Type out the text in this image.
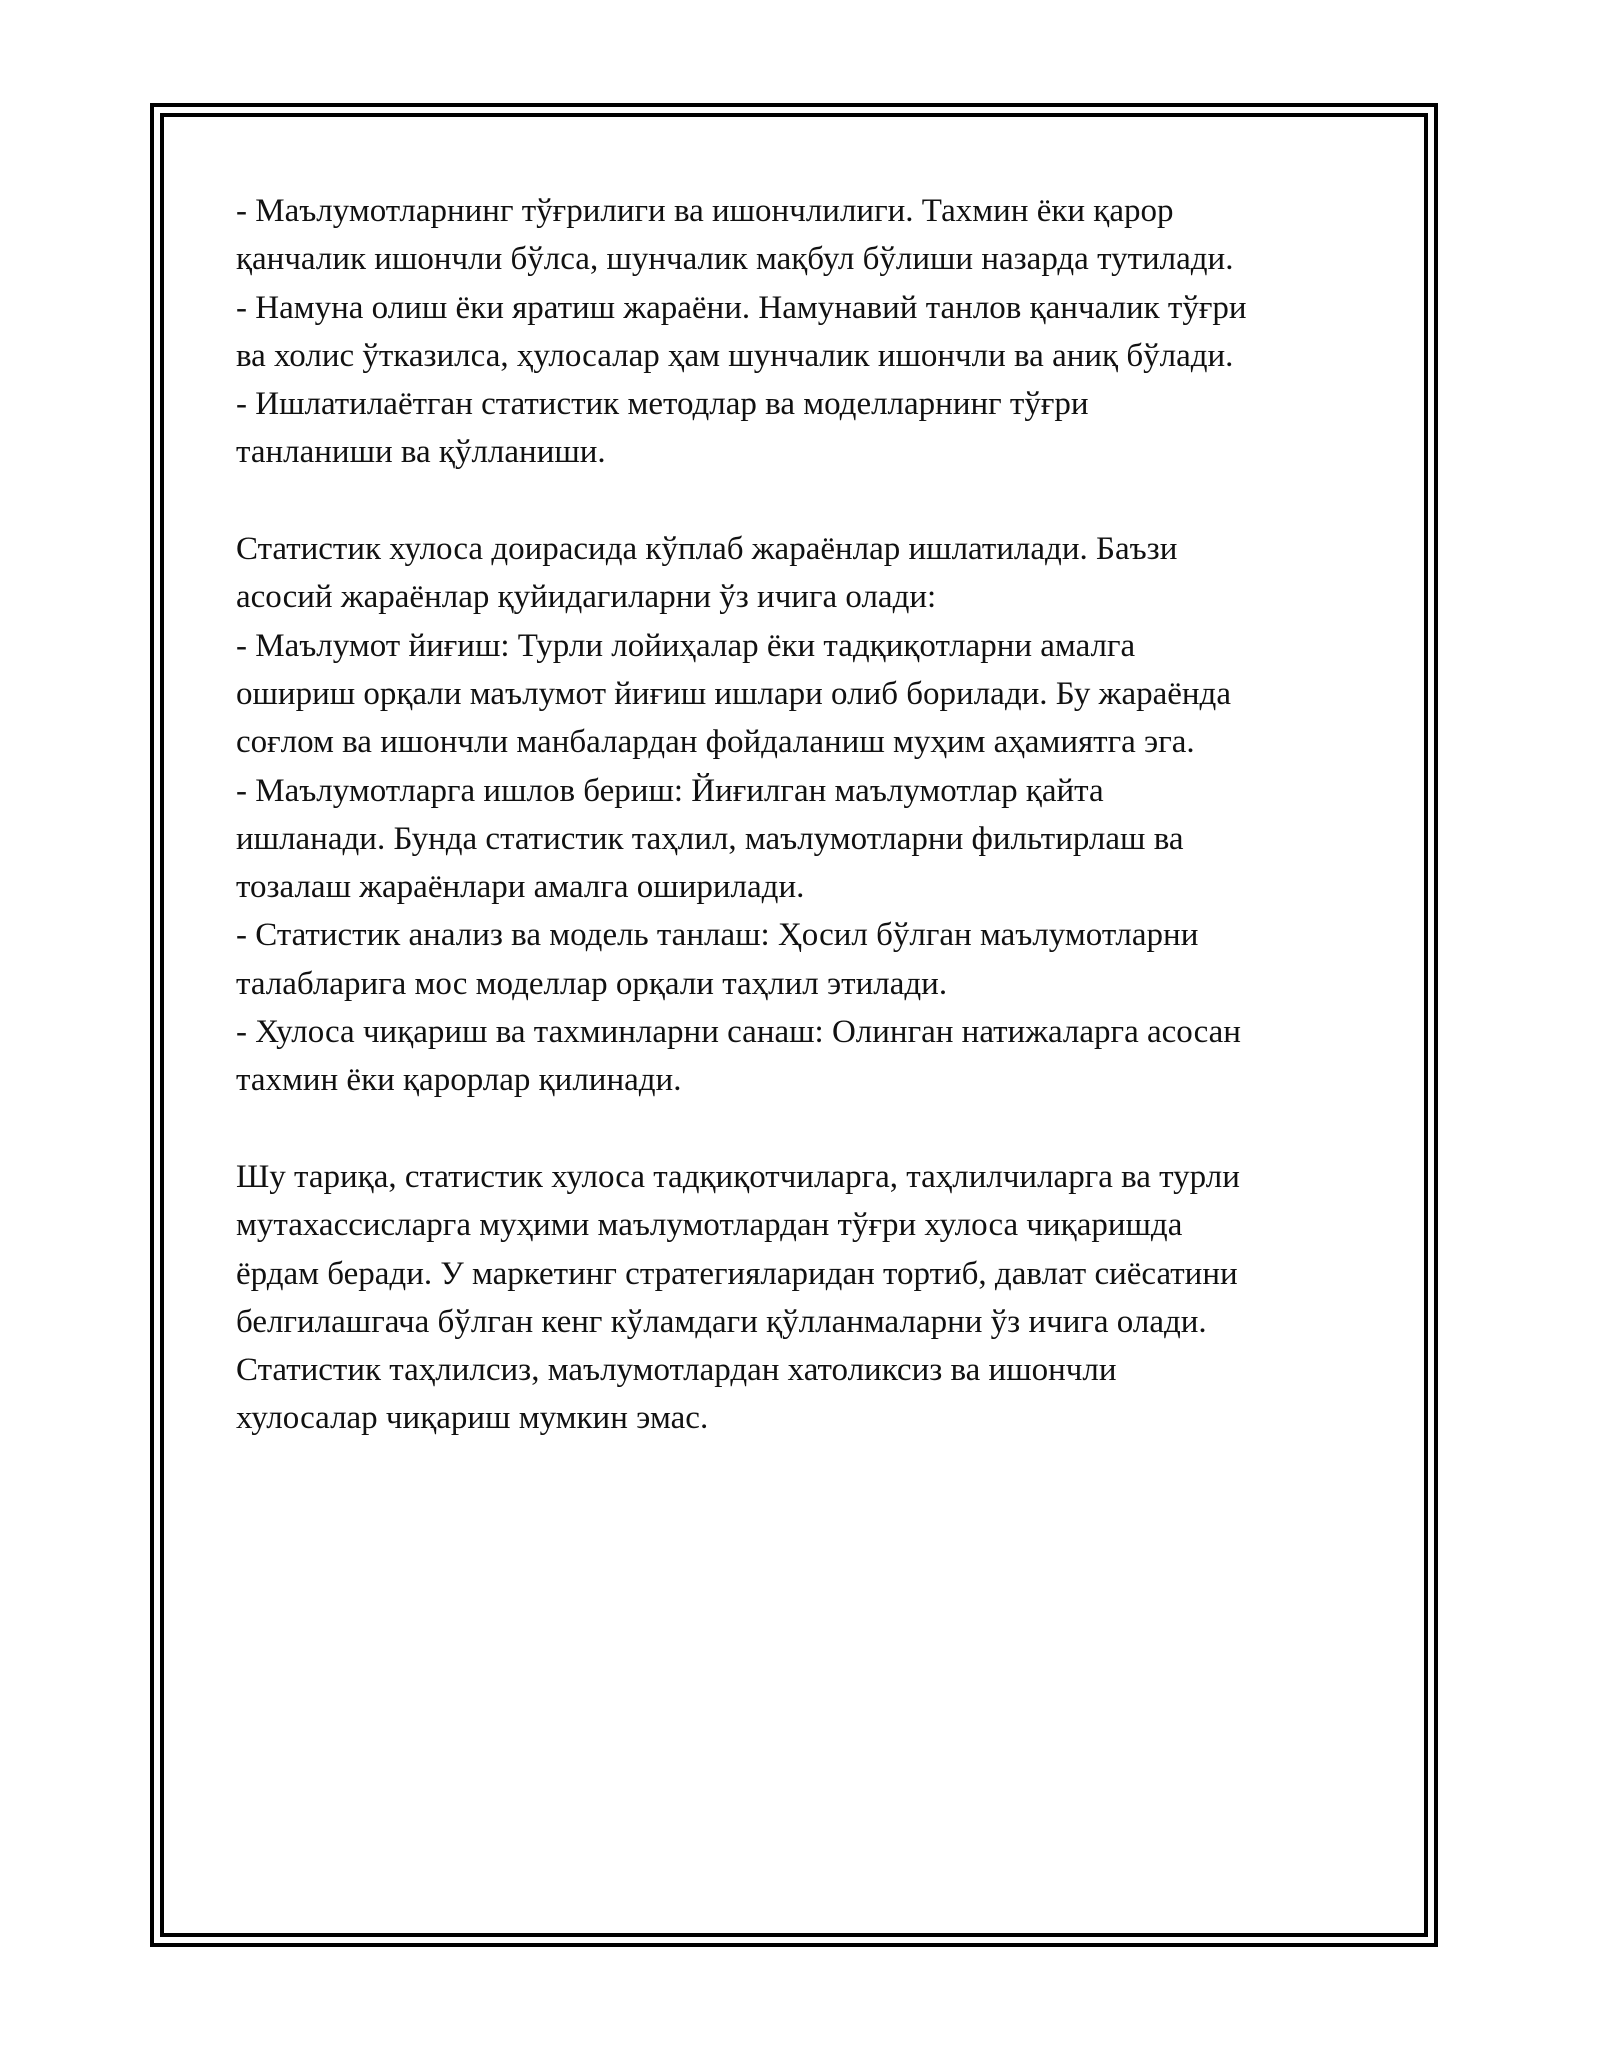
- Маълумотларнинг тўғрилиги ва ишончлилиги. Тахмин ёки қарор
қанчалик ишончли бўлса, шунчалик мақбул бўлиши назарда тутилади.
- Намуна олиш ёки яратиш жараёни. Намунавий танлов қанчалик тўғри
ва холис ўтказилса, ҳулосалар ҳам шунчалик ишончли ва аниқ бўлади.
- Ишлатилаётган статистик методлар ва моделларнинг тўғри
танланиши ва қўлланиши.
Статистик хулоса доирасида кўплаб жараёнлар ишлатилади. Баъзи
асосий жараёнлар қуйидагиларни ўз ичига олади:
- Маълумот йиғиш: Турли лойиҳалар ёки тадқиқотларни амалга
ошириш орқали маълумот йиғиш ишлари олиб борилади. Бу жараёнда
соғлом ва ишончли манбалардан фойдаланиш муҳим аҳамиятга эга.
- Маълумотларга ишлов бериш: Йиғилган маълумотлар қайта
ишланади. Бунда статистик таҳлил, маълумотларни фильтирлаш ва
тозалаш жараёнлари амалга оширилади.
- Статистик анализ ва модель танлаш: Ҳосил бўлган маълумотларни
талабларига мос моделлар орқали таҳлил этилади.
- Хулоса чиқариш ва тахминларни санаш: Олинган натижаларга асосан
тахмин ёки қарорлар қилинади.
Шу тариқа, статистик хулоса тадқиқотчиларга, таҳлилчиларга ва турли
мутахассисларга муҳими маълумотлардан тўғри хулоса чиқаришда
ёрдам беради. У маркетинг стратегияларидан тортиб, давлат сиёсатини
белгилашгача бўлган кенг кўламдаги қўлланмаларни ўз ичига олади.
Статистик таҳлилсиз, маълумотлардан хатоликсиз ва ишончли
хулосалар чиқариш мумкин эмас.
